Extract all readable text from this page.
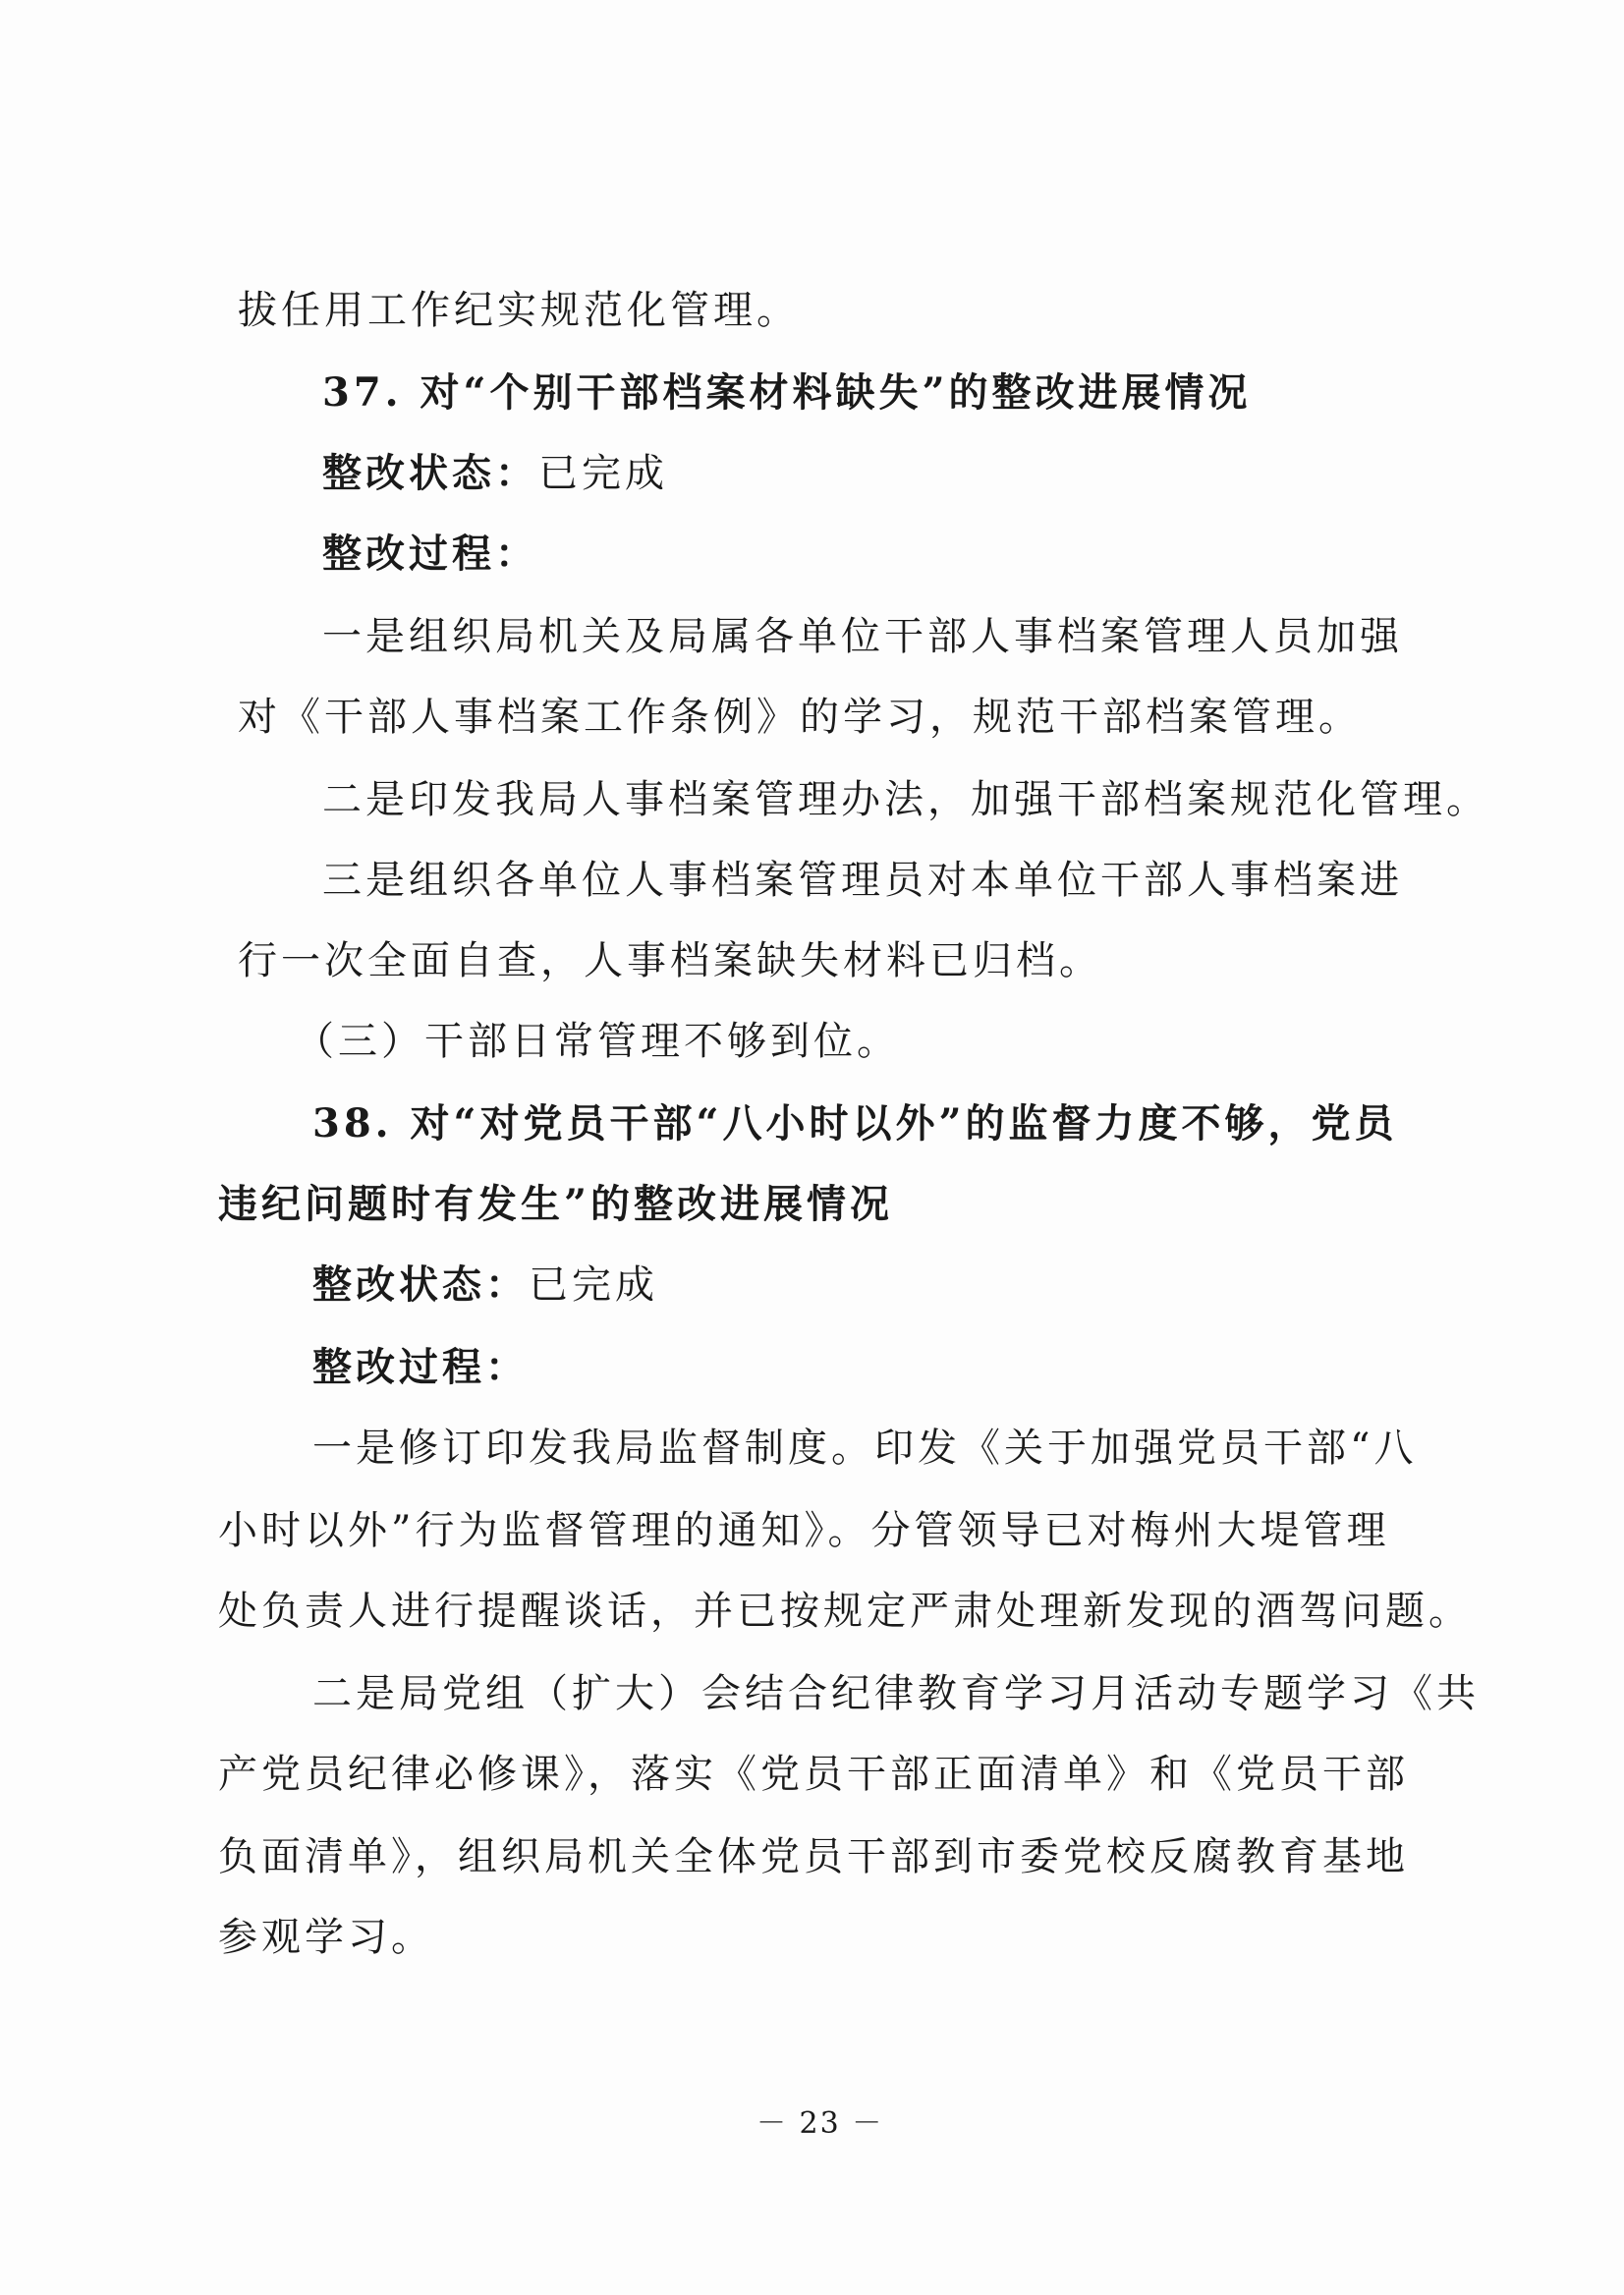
拔任用工作纪实规范化管理。
37. 对“个别干部档案材料缺失”的整改进展情况
整改状态：已完成
整改过程：
一是组织局机关及局属各单位干部人事档案管理人员加强
对《干部人事档案工作条例》的学习，规范干部档案管理。
二是印发我局人事档案管理办法，加强干部档案规范化管理。
三是组织各单位人事档案管理员对本单位干部人事档案进
行一次全面自查，人事档案缺失材料已归档。
（三）干部日常管理不够到位。
38. 对“对党员干部“八小时以外”的监督力度不够，党员
违纪问题时有发生”的整改进展情况
整改状态：已完成
整改过程：
一是修订印发我局监督制度。印发《关于加强党员干部“八
小时以外”行为监督管理的通知》。分管领导已对梅州大堤管理
处负责人进行提醒谈话，并已按规定严肃处理新发现的酒驾问题。
二是局党组（扩大）会结合纪律教育学习月活动专题学习《共
产党员纪律必修课》，落实《党员干部正面清单》和《党员干部
负面清单》，组织局机关全体党员干部到市委党校反腐教育基地
参观学习。
－ 23 －
